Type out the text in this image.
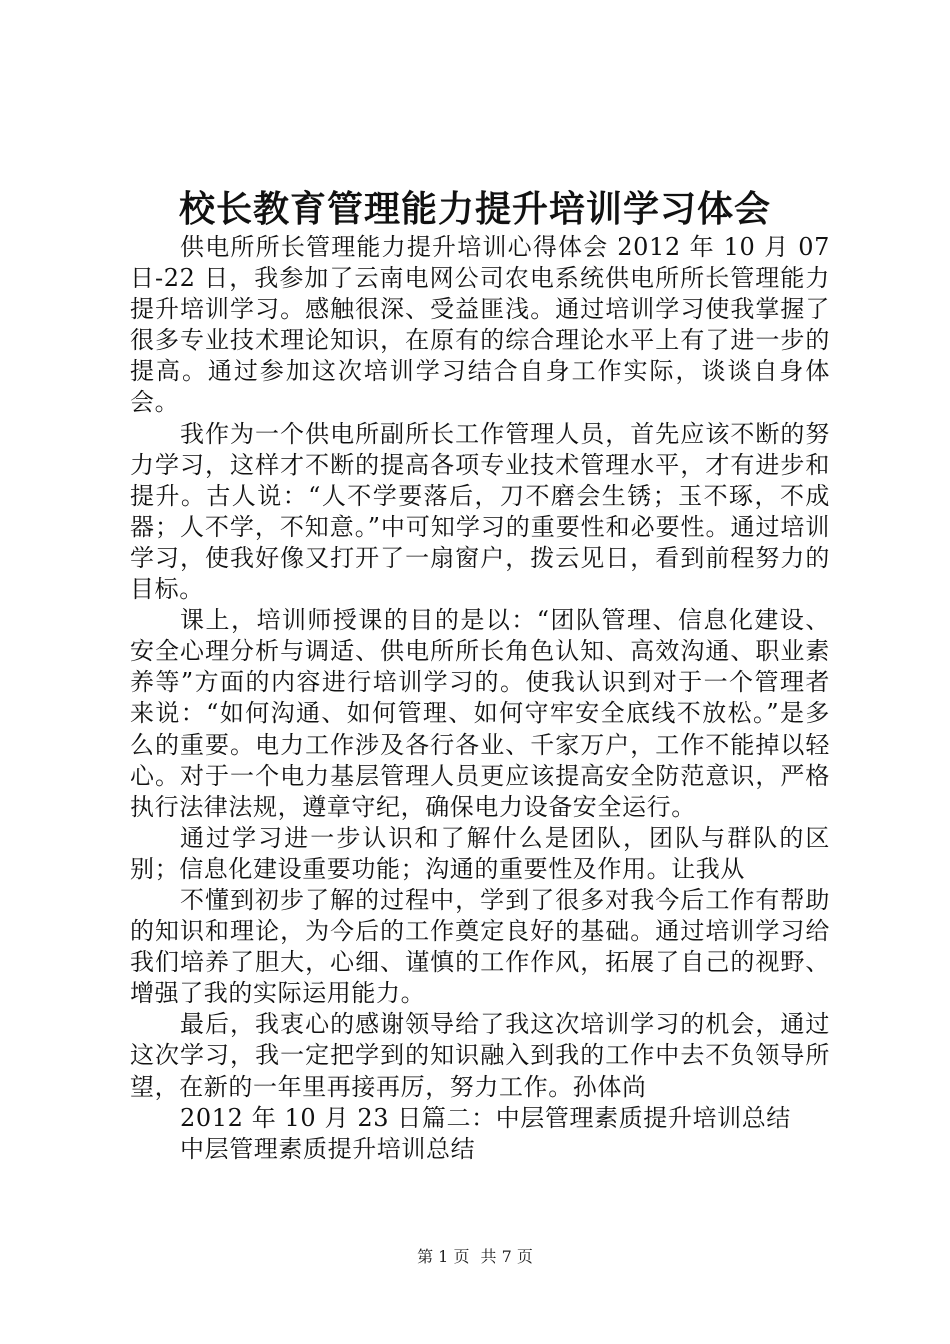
校长教育管理能力提升培训学习体会

供电所所长管理能力提升培训心得体会 2012 年 10 月 07 日-22 日，我参加了云南电网公司农电系统供电所所长管理能力提升培训学习。感触很深、受益匪浅。通过培训学习使我掌握了很多专业技术理论知识，在原有的综合理论水平上有了进一步的提高。通过参加这次培训学习结合自身工作实际，谈谈自身体会。

我作为一个供电所副所长工作管理人员，首先应该不断的努力学习，这样才不断的提高各项专业技术管理水平，才有进步和提升。古人说：“人不学要落后，刀不磨会生锈；玉不琢，不成器；人不学，不知意。”中可知学习的重要性和必要性。通过培训学习，使我好像又打开了一扇窗户，拨云见日，看到前程努力的目标。

课上，培训师授课的目的是以：“团队管理、信息化建设、安全心理分析与调适、供电所所长角色认知、高效沟通、职业素养等”方面的内容进行培训学习的。使我认识到对于一个管理者来说：“如何沟通、如何管理、如何守牢安全底线不放松。”是多么的重要。电力工作涉及各行各业、千家万户，工作不能掉以轻心。对于一个电力基层管理人员更应该提高安全防范意识，严格执行法律法规，遵章守纪，确保电力设备安全运行。

通过学习进一步认识和了解什么是团队，团队与群队的区别；信息化建设重要功能；沟通的重要性及作用。让我从

不懂到初步了解的过程中，学到了很多对我今后工作有帮助的知识和理论，为今后的工作奠定良好的基础。通过培训学习给我们培养了胆大，心细、谨慎的工作作风，拓展了自己的视野、增强了我的实际运用能力。

最后，我衷心的感谢领导给了我这次培训学习的机会，通过这次学习，我一定把学到的知识融入到我的工作中去不负领导所望，在新的一年里再接再厉，努力工作。孙体尚

2012 年 10 月 23 日篇二：中层管理素质提升培训总结

中层管理素质提升培训总结

第 1 页 共 7 页
